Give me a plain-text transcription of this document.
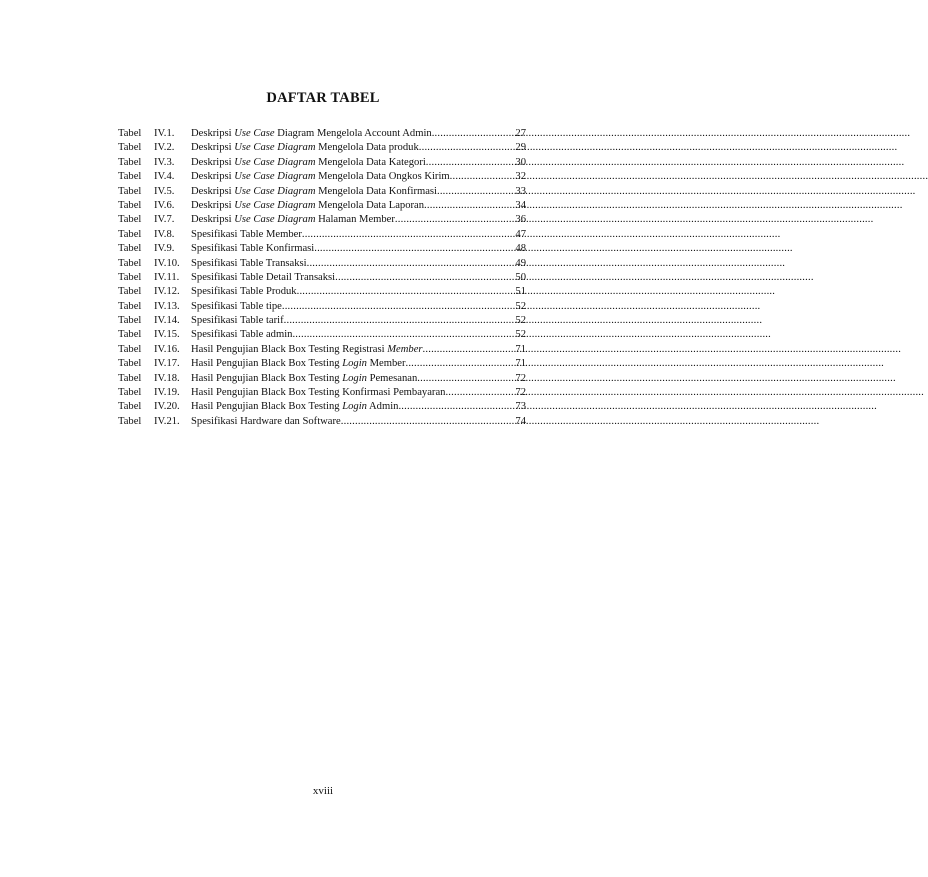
DAFTAR TABEL
Tabel	IV.1.	Deskripsi Use Case Diagram Mengelola Account Admin .....	27
Tabel	IV.2.	Deskripsi Use Case Diagram Mengelola Data produk .....	29
Tabel	IV.3.	Deskripsi Use Case Diagram Mengelola Data Kategori .....	30
Tabel	IV.4.	Deskripsi Use Case Diagram Mengelola Data Ongkos Kirim .....	32
Tabel	IV.5.	Deskripsi Use Case Diagram Mengelola Data Konfirmasi .....	33
Tabel	IV.6.	Deskripsi Use Case Diagram Mengelola Data Laporan .....	34
Tabel	IV.7.	Deskripsi Use Case Diagram Halaman Member .....	36
Tabel	IV.8.	Spesifikasi Table Member .....	47
Tabel	IV.9.	Spesifikasi Table Konfirmasi .....	48
Tabel	IV.10.	Spesifikasi Table Transaksi .....	49
Tabel	IV.11.	Spesifikasi Table Detail Transaksi .....	50
Tabel	IV.12.	Spesifikasi Table Produk .....	51
Tabel	IV.13.	Spesifikasi Table tipe .....	52
Tabel	IV.14.	Spesifikasi Table tarif .....	52
Tabel	IV.15.	Spesifikasi Table admin .....	52
Tabel	IV.16.	Hasil Pengujian Black Box Testing Registrasi Member .....	71
Tabel	IV.17.	Hasil Pengujian Black Box Testing Login Member .....	71
Tabel	IV.18.	Hasil Pengujian Black Box Testing Login Pemesanan .....	72
Tabel	IV.19.	Hasil Pengujian Black Box Testing Konfirmasi Pembayaran .....	72
Tabel	IV.20.	Hasil Pengujian Black Box Testing Login Admin .....	73
Tabel	IV.21.	Spesifikasi Hardware dan Software .....	74
xviii
